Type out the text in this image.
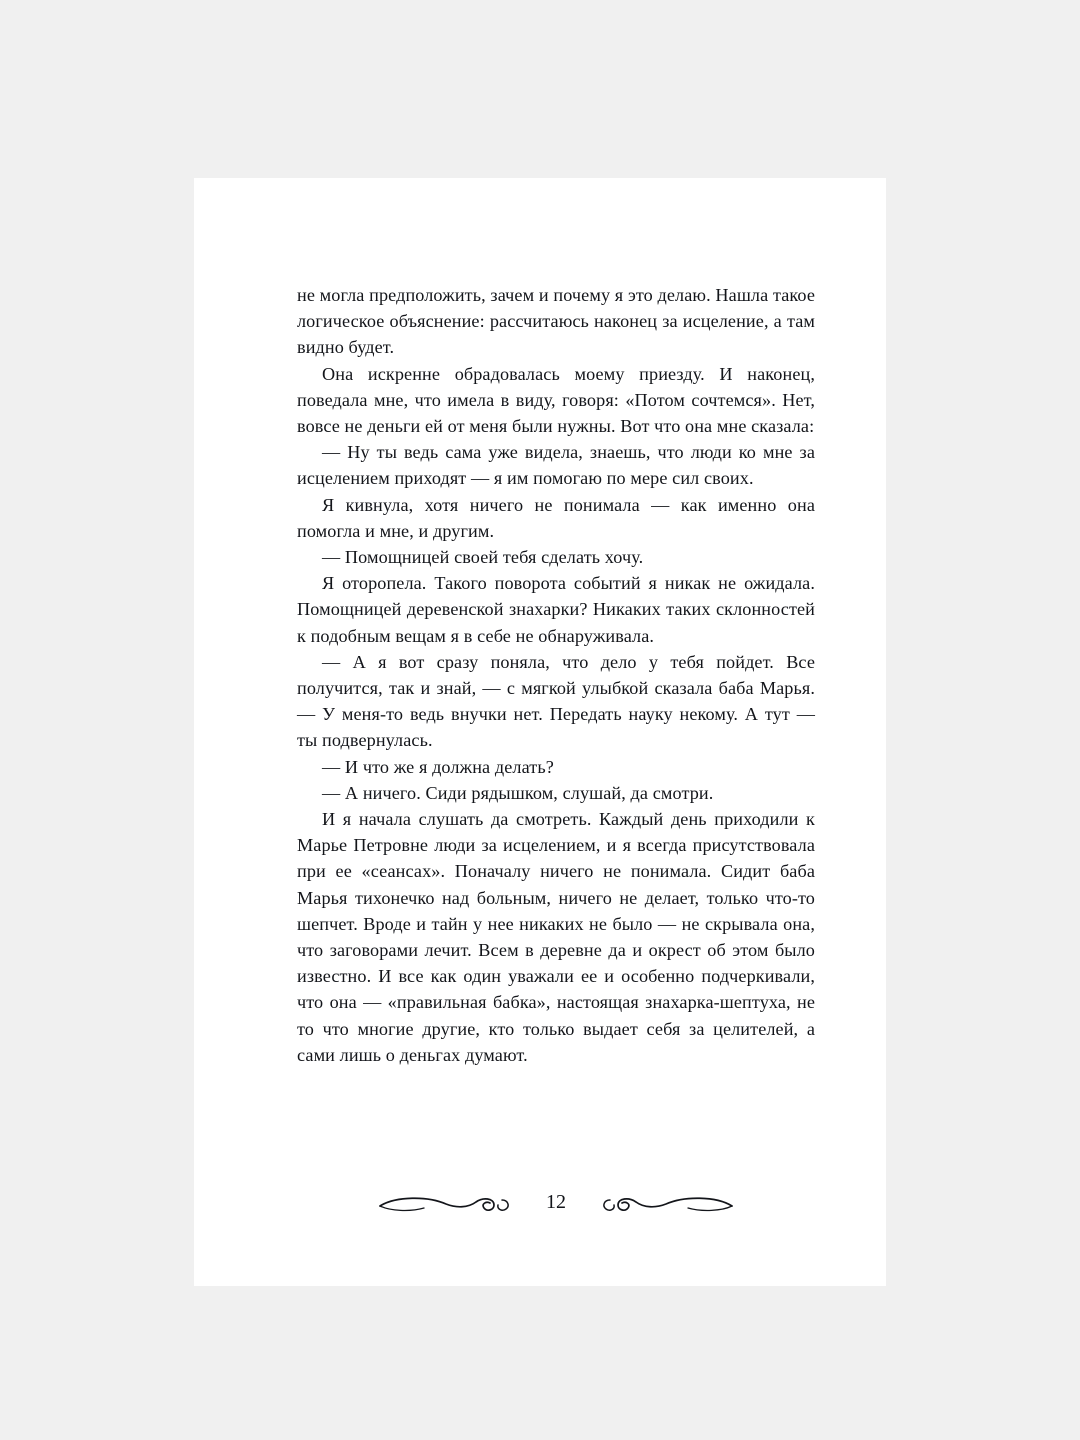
не могла предположить, зачем и почему я это делаю. Нашла такое логическое объяснение: рассчитаюсь наконец за исцеление, а там видно будет.

Она искренне обрадовалась моему приезду. И наконец, поведала мне, что имела в виду, говоря: «Потом сочтемся». Нет, вовсе не деньги ей от меня были нужны. Вот что она мне сказала:

— Ну ты ведь сама уже видела, знаешь, что люди ко мне за исцелением приходят — я им помогаю по мере сил своих.

Я кивнула, хотя ничего не понимала — как именно она помогла и мне, и другим.

— Помощницей своей тебя сделать хочу.

Я оторопела. Такого поворота событий я никак не ожидала. Помощницей деревенской знахарки? Никаких таких склонностей к подобным вещам я в себе не обнаруживала.

— А я вот сразу поняла, что дело у тебя пойдет. Все получится, так и знай, — с мягкой улыбкой сказала баба Марья. — У меня-то ведь внучки нет. Передать науку некому. А тут — ты подвернулась.

— И что же я должна делать?

— А ничего. Сиди рядышком, слушай, да смотри.

И я начала слушать да смотреть. Каждый день приходили к Марье Петровне люди за исцелением, и я всегда присутствовала при ее «сеансах». Поначалу ничего не понимала. Сидит баба Марья тихонечко над больным, ничего не делает, только что-то шепчет. Вроде и тайн у нее никаких не было — не скрывала она, что заговорами лечит. Всем в деревне да и окрест об этом было известно. И все как один уважали ее и особенно подчеркивали, что она — «правильная бабка», настоящая знахарка-шептуха, не то что многие другие, кто только выдает себя за целителей, а сами лишь о деньгах думают.

12
